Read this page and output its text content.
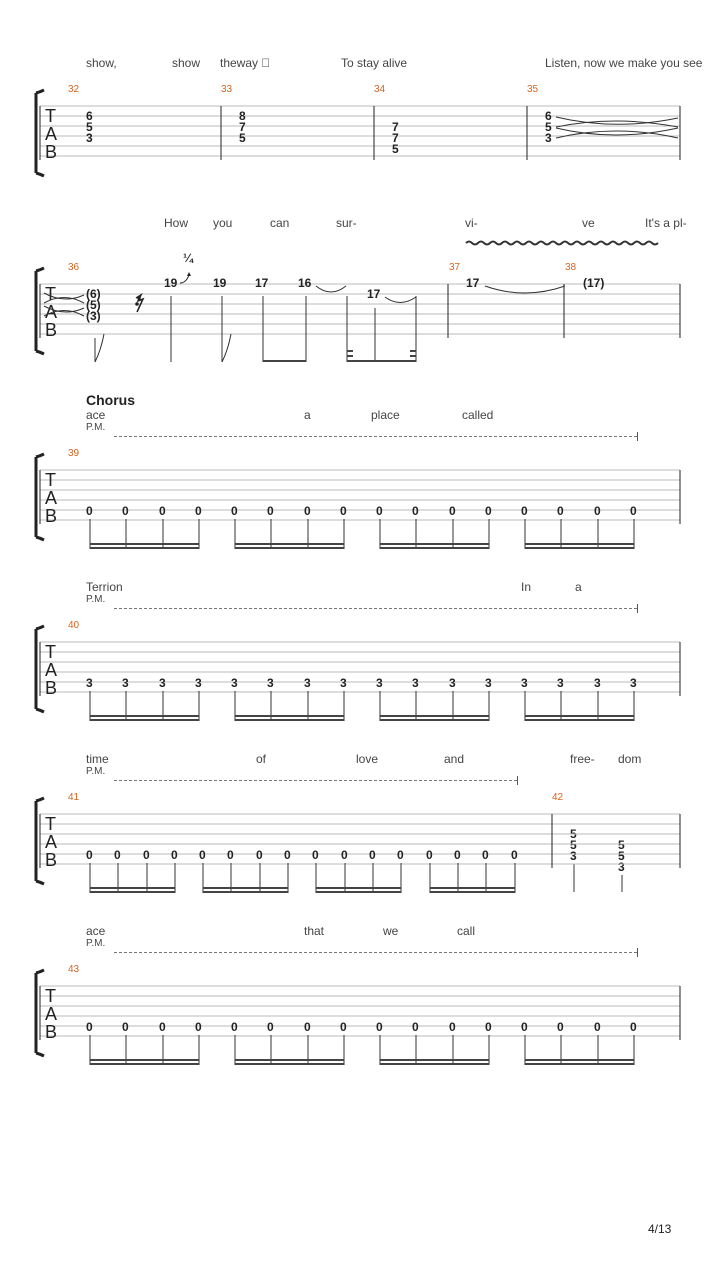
show,	show theway ⃞	To stay alive	Listen, now we make you see
32	33	34	35
T
A
B
6
5
3
8
7
5
7
7
5
6
5
3
How you	can	sur-	vi-	ve	It's a pl-
36	37	38
¼
T
A
B
(6)
(5)
(3)
19	19 17 16
17
17	(17)
Chorus
ace	a	place	called
P.M.
39
T
A
B 0 0	0 0 0 0	0 0 0 0	0 0 0 0	0 0
Terrion	In	a
P.M.
40
T
A
B 3 3	3 3 3 3	3 3 3 3	3 3 3 3	3 3
time	of	love	and	free- dom
P.M.
41	42
5
5
3
5
5
3
T
A
B 0 0 0 0 0 0 0 0 0 0 0 0 0 0 0 0
ace	that	we	call
P.M.
43
T
A
B 0 0	0 0 0 0	0 0 0 0	0 0 0 0	0 0
4/13
